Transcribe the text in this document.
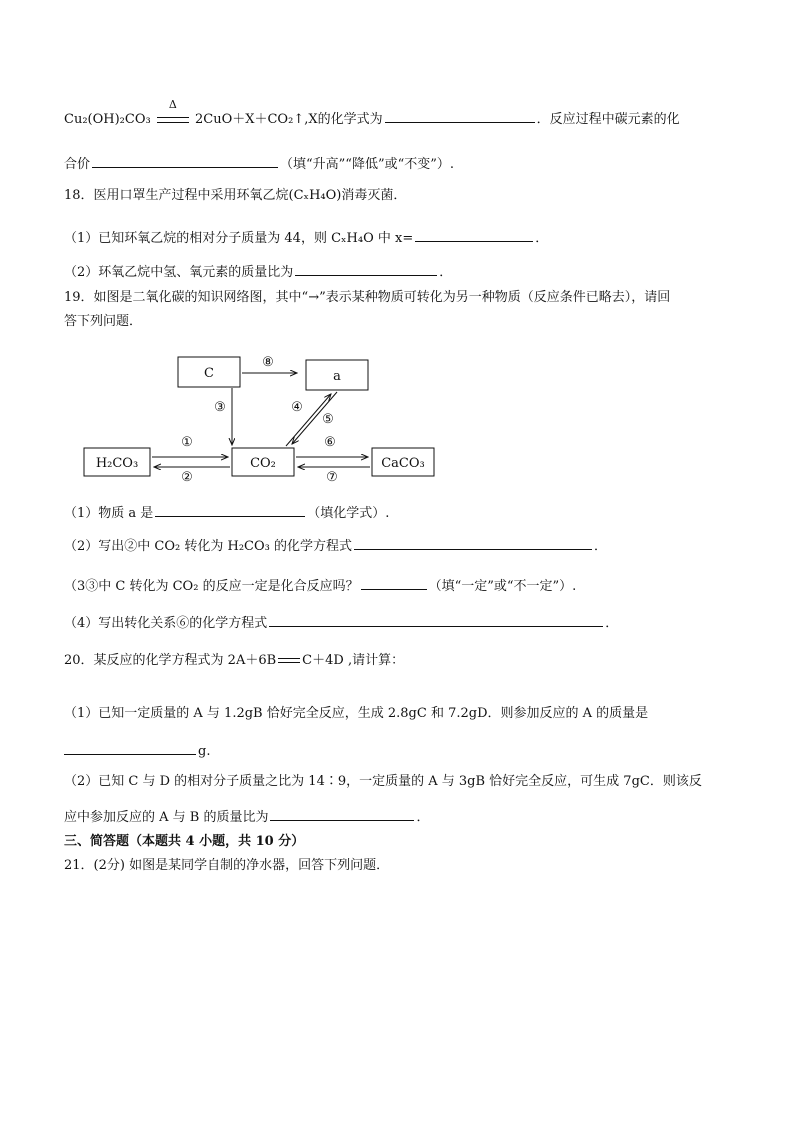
Cu₂(OH)₂CO₃
Δ
2CuO＋X＋CO₂↑,X的化学式为	．反应过程中碳元素的化
合价	（填“升高”“降低”或“不变”）.
18．医用口罩生产过程中采用环氧乙烷(CₓH₄O)消毒灭菌．
（1）已知环氧乙烷的相对分子质量为 44，则 CₓH₄O 中 x=	．
（2）环氧乙烷中氢、氧元素的质量比为	．
19．如图是二氧化碳的知识网络图，其中“→”表示某种物质可转化为另一种物质（反应条件已略去），请回
答下列问题．
C	a
H₂CO₃	CO₂	CaCO₃
⑧
③	④
⑤
①
②
⑥
⑦
（1）物质 a 是	（填化学式）.
（2）写出②中 CO₂ 转化为 H₂CO₃ 的化学方程式	．
（3③中 C 转化为 CO₂ 的反应一定是化合反应吗？	（填“一定”或“不一定”）.
（4）写出转化关系⑥的化学方程式	．
20．某反应的化学方程式为 2A＋6B C＋4D ,请计算：
（1）已知一定质量的 A 与 1.2gB 恰好完全反应，生成 2.8gC 和 7.2gD．则参加反应的 A 的质量是
g.
（2）已知 C 与 D 的相对分子质量之比为 14∶9，一定质量的 A 与 3gB 恰好完全反应，可生成 7gC．则该反
应中参加反应的 A 与 B 的质量比为	．
三、简答题（本题共 4 小题，共 10 分）
21．(2分) 如图是某同学自制的净水器，回答下列问题．
